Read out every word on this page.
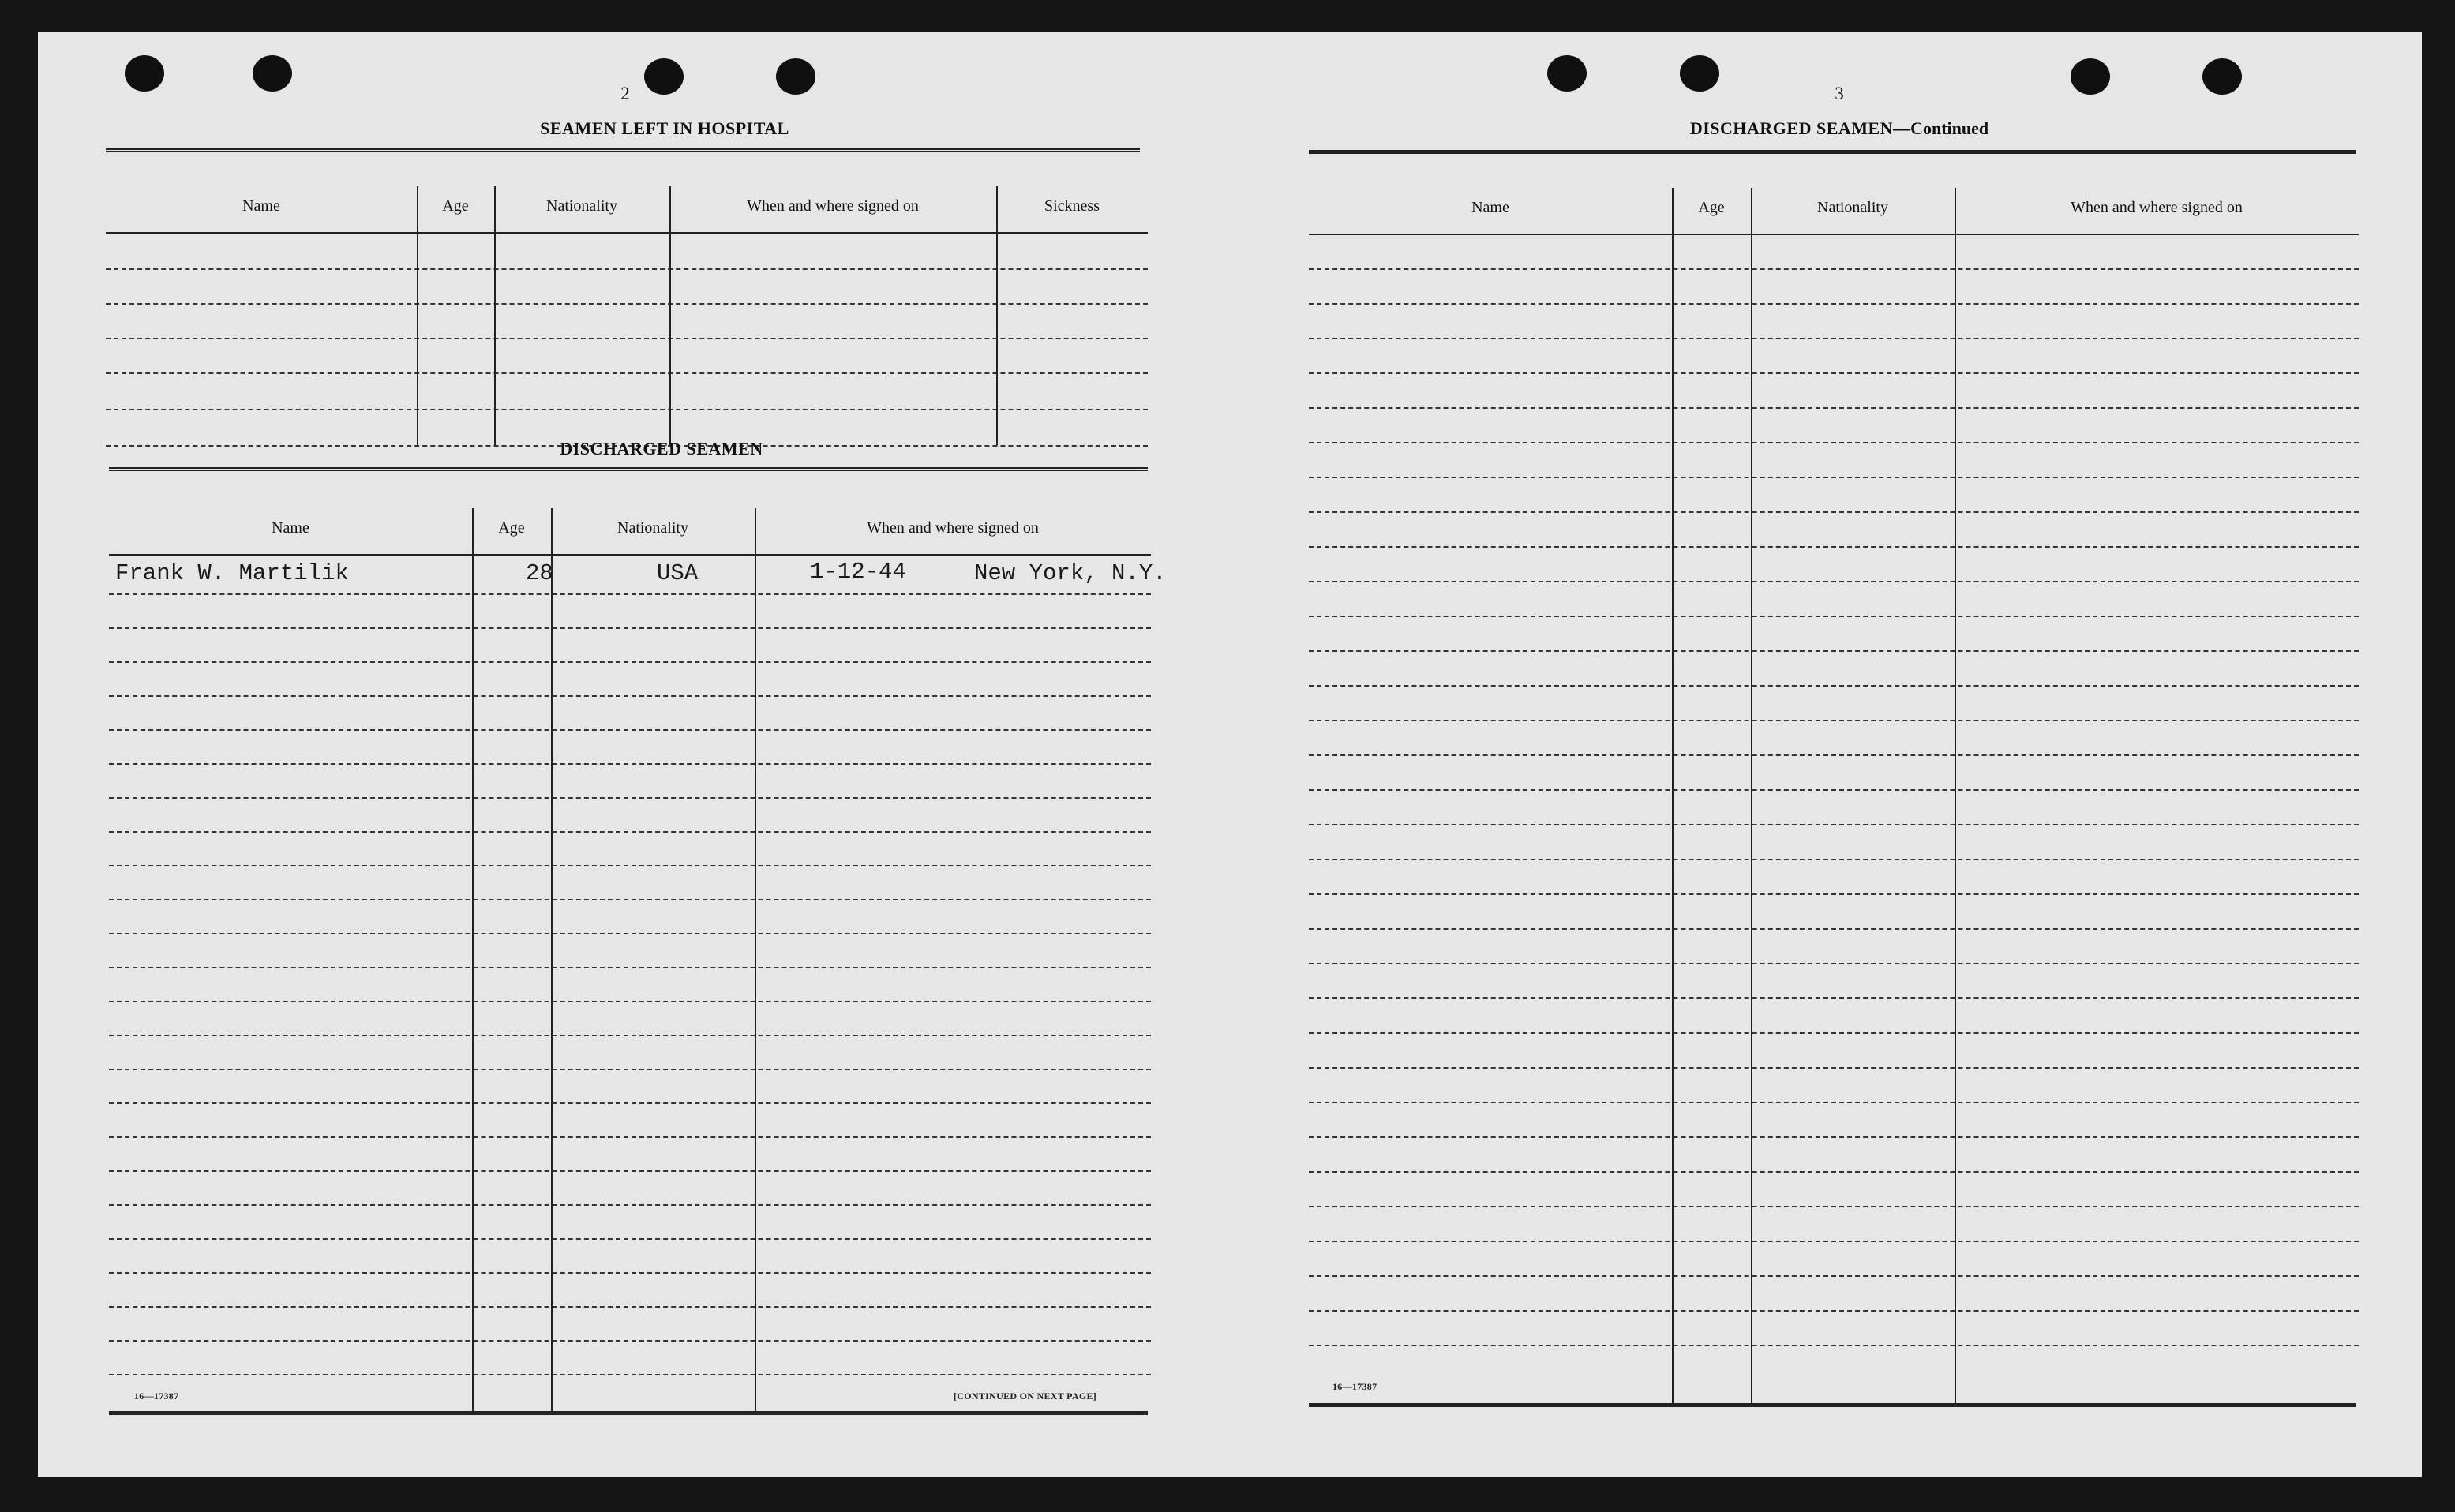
2
SEAMEN LEFT IN HOSPITAL
Name	Age	Nationality	When and where signed on	Sickness
DISCHARGED SEAMEN
Name	Age	Nationality	When and where signed on
Frank W. Martilik	28	USA	1-12-44	New York, N.Y.
16—17387	[CONTINUED ON NEXT PAGE]
3
DISCHARGED SEAMEN—Continued
Name	Age	Nationality	When and where signed on
16—17387
